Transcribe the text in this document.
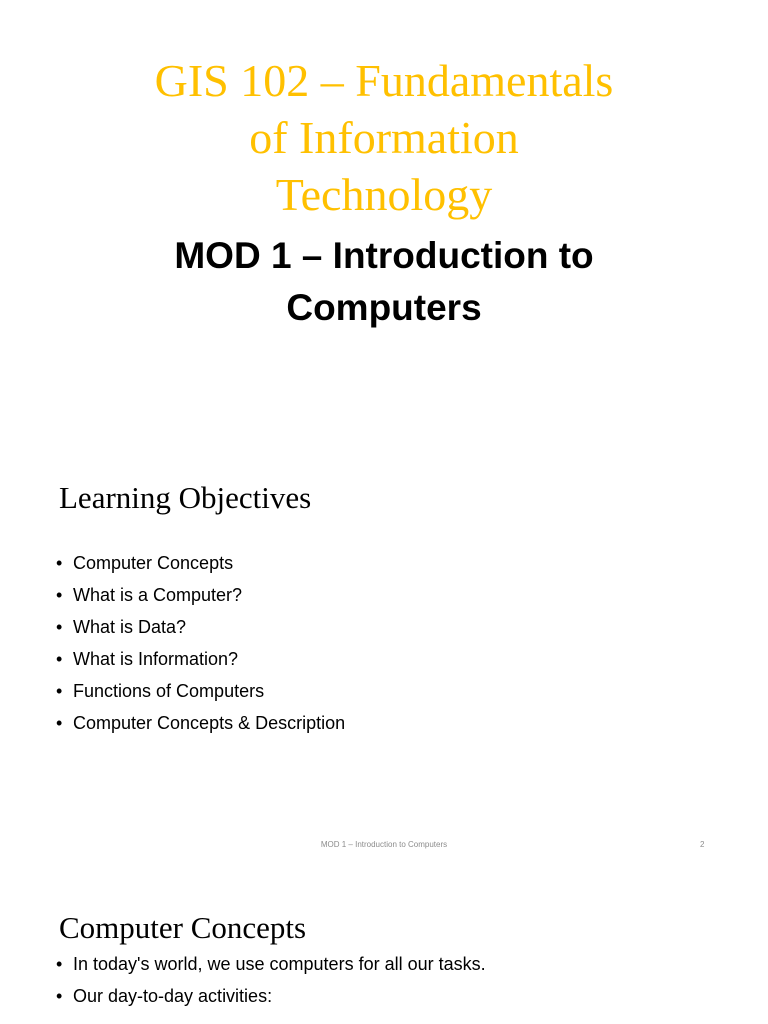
GIS 102 – Fundamentals
of Information
Technology
MOD 1 – Introduction to
Computers
Learning Objectives
• Computer Concepts
• What is a Computer?
• What is Data?
• What is Information?
• Functions of Computers
• Computer Concepts & Description
MOD 1 – Introduction to Computers	2
Computer Concepts
• In today's world, we use computers for all our tasks.
• Our day-to-day activities:
